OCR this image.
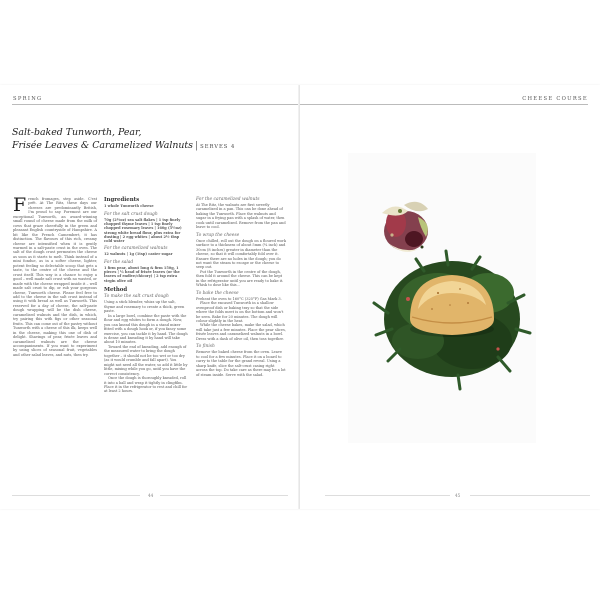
SPRING
Salt-baked Tunworth, Pear,
Frisée Leaves & Caramelized Walnuts | SERVES 4
F rench fromages, step aside. C'est prêt. At The Ritz, these days our cheeses are predominantly British, I'm proud to say. Foremost are our exceptional Tunworth, an award-winning small round of cheese made from the milk of cows that graze cheerfully in the green and pleasant English countryside of Hampshire. A bit like the French Camembert, it has distinction. The flavours of this rich, creamy cheese are intensified when it is gently warmed in a salt-paste crust in the oven. The salt of the dough crust permeates the cheese as soon as it starts to melt. Think instead of a mini fondue, as in a softer cheese, lighter, potent feeling so delectable scoop that gets a taste, to the centre of the cheese and the crust itself. This way is a chance to enjoy a good – well made salt crust with no wasted, or made with the cheese wrapped inside it – well made salt crust to dip, or rub your gorgeous cheese, Tunworth cheese. Please feel free to add to the cheese in the salt crust instead of using it with bread as well as Tunworth. This reserved for a day of cheese, the salt-paste dough wrapping will be the dish cheese, caramelised walnuts and the dish, in which, try pairing this with figs or other seasonal fruits. This can come out of the pastry without Tunworth with a cheese of this ilk, keeps well in the cheese, making this one of dish of delight. Shavings of pear, frisée leaves and caramelised walnuts are the cheese accompaniments. If you want to experiment by using slices of seasonal fruit, vegetables and other salad leaves, and nuts, then try.
Ingredients
1 whole Tunworth cheese
For the salt crust dough
70g (2½oz) sea salt flakes | 1 tsp finely chopped thyme leaves | 1 tsp finely chopped rosemary leaves | 160g (5½oz) strong white bread flour, plus extra for dusting | 2 egg whites | about 2½ tbsp cold water
For the caramelized walnuts
12 walnuts | 1g (1tsp) caster sugar
For the salad
1 firm pear, about long & firm 150g, 1 pieces | ¼ head of frisée leaves (or the leaves of endive/chicory) | 2 tsp extra virgin olive oil
Method
To make the salt crust dough

Using a stick blender, whizz up the salt, thyme and rosemary to create a thick, green paste.

In a large bowl, combine the paste with the flour and egg whites to form a dough. Now, you can knead this dough in a stand mixer fitted with a dough hook or, if you fancy some exercise, you can tackle it by hand. The dough is dense and kneading it by hand will take about 10 minutes.

Toward the end of kneading, add enough of the measured water to bring the dough together – it should not be too wet or too dry (as it would crumble and fall apart). You might not need all the water, so add it little by little, mixing while you go, until you have the correct consistency.

Once the dough is thoroughly kneaded, roll it into a ball and wrap it tightly in clingfilm. Place it in the refrigerator to rest and chill for at least 2 hours.

For the caramelized walnuts

At The Ritz, the walnuts are first sweetly caramelized in a pan. This can be done ahead of baking the Tunworth. Place the walnuts and sugar in a frying pan with a splash of water, then cook until caramelized. Remove from the pan and leave to cool.

To wrap the cheese

Once chilled, roll out the dough on a floured work surface to a thickness of about 5mm (¼ inch) and 30cm (8 inches) greater in diameter than the cheese, so that it will comfortably fold over it. Ensure there are no holes in the dough; you do not want the steam to escape or the cheese to seep out.

Put the Tunworth in the centre of the dough, then fold it around the cheese. This can be kept in the refrigerator until you are ready to bake it. Whisk to dose like this...

To bake the cheese

Preheat the oven to 160°C (325°F) Gas Mark 3.

Place the encased Tunworth in a shallow ovenproof dish or baking tray so that the side where the folds meet is on the bottom and won't be seen. Bake for 20 minutes. The dough will colour slightly in the heat.

While the cheese bakes, make the salad, which will take just a few minutes. Place the pear slices, frisée leaves and caramelized walnuts in a bowl. Dress with a dash of olive oil, then toss together.

To finish

Remove the baked cheese from the oven. Leave to cool for a few minutes. Place it on a board to carry to the table for the grand reveal. Using a sharp knife, slice the salt-crust casing right across the top. Do take care as there may be a lot of steam inside. Serve with the salad.

44
CHEESE COURSE
45
